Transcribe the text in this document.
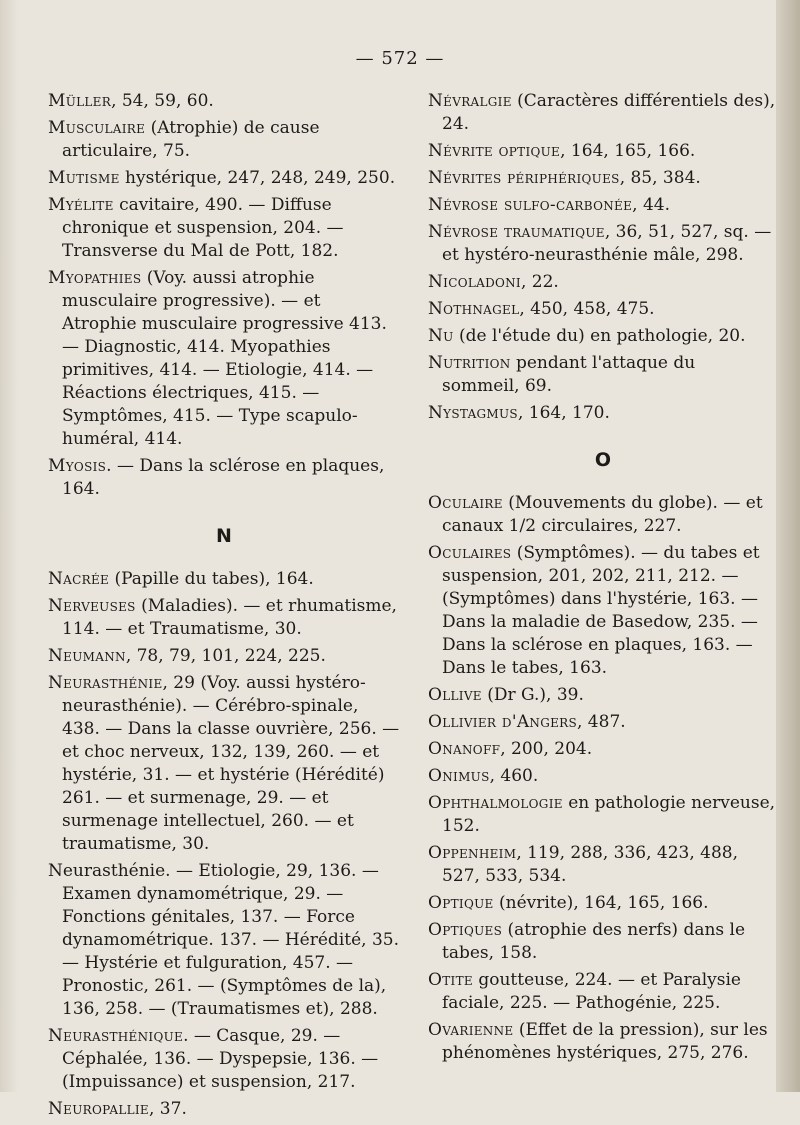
— 572 —
Müller, 54, 59, 60.
Musculaire (Atrophie) de cause articulaire, 75.
Mutisme hystérique, 247, 248, 249, 250.
Myélite cavitaire, 490. — Diffuse chronique et suspension, 204. — Transverse du Mal de Pott, 182.
Myopathies (Voy. aussi atrophie musculaire progressive). — et Atrophie musculaire progressive 413. — Diagnostic, 414. Myopathies primitives, 414. — Etiologie, 414. — Réactions électriques, 415. — Symptômes, 415. — Type scapulo-huméral, 414.
Myosis. — Dans la sclérose en plaques, 164.
N
Nacrée (Papille du tabes), 164.
Nerveuses (Maladies). — et rhumatisme, 114. — et Traumatisme, 30.
Neumann, 78, 79, 101, 224, 225.
Neurasthénie, 29 (Voy. aussi hystéro-neurasthénie). — Cérébro-spinale, 438. — Dans la classe ouvrière, 256. — et choc nerveux, 132, 139, 260. — et hystérie, 31. — et hystérie (Hérédité) 261. — et surmenage, 29. — et surmenage intellectuel, 260. — et traumatisme, 30.
Neurasthénie. — Etiologie, 29, 136. — Examen dynamométrique, 29. — Fonctions génitales, 137. — Force dynamométrique. 137. — Hérédité, 35. — Hystérie et fulguration, 457. — Pronostic, 261. — (Symptômes de la), 136, 258. — (Traumatismes et), 288.
Neurasthénique. — Casque, 29. — Céphalée, 136. — Dyspepsie, 136. — (Impuissance) et suspension, 217.
Neuropallie, 37.
Névralgie (Caractères différentiels des), 24.
Névrite optique, 164, 165, 166.
Névrites périphériques, 85, 384.
Névrose sulfo-carbonée, 44.
Névrose traumatique, 36, 51, 527, sq. — et hystéro-neurasthénie mâle, 298.
Nicoladoni, 22.
Nothnagel, 450, 458, 475.
Nu (de l'étude du) en pathologie, 20.
Nutrition pendant l'attaque du sommeil, 69.
Nystagmus, 164, 170.
O
Oculaire (Mouvements du globe). — et canaux 1/2 circulaires, 227.
Oculaires (Symptômes). — du tabes et suspension, 201, 202, 211, 212. — (Symptômes) dans l'hystérie, 163. — Dans la maladie de Basedow, 235. — Dans la sclérose en plaques, 163. — Dans le tabes, 163.
Ollive (Dr G.), 39.
Ollivier d'Angers, 487.
Onanoff, 200, 204.
Onimus, 460.
Ophthalmologie en pathologie nerveuse, 152.
Oppenheim, 119, 288, 336, 423, 488, 527, 533, 534.
Optique (névrite), 164, 165, 166.
Optiques (atrophie des nerfs) dans le tabes, 158.
Otite goutteuse, 224. — et Paralysie faciale, 225. — Pathogénie, 225.
Ovarienne (Effet de la pression), sur les phénomènes hystériques, 275, 276.
